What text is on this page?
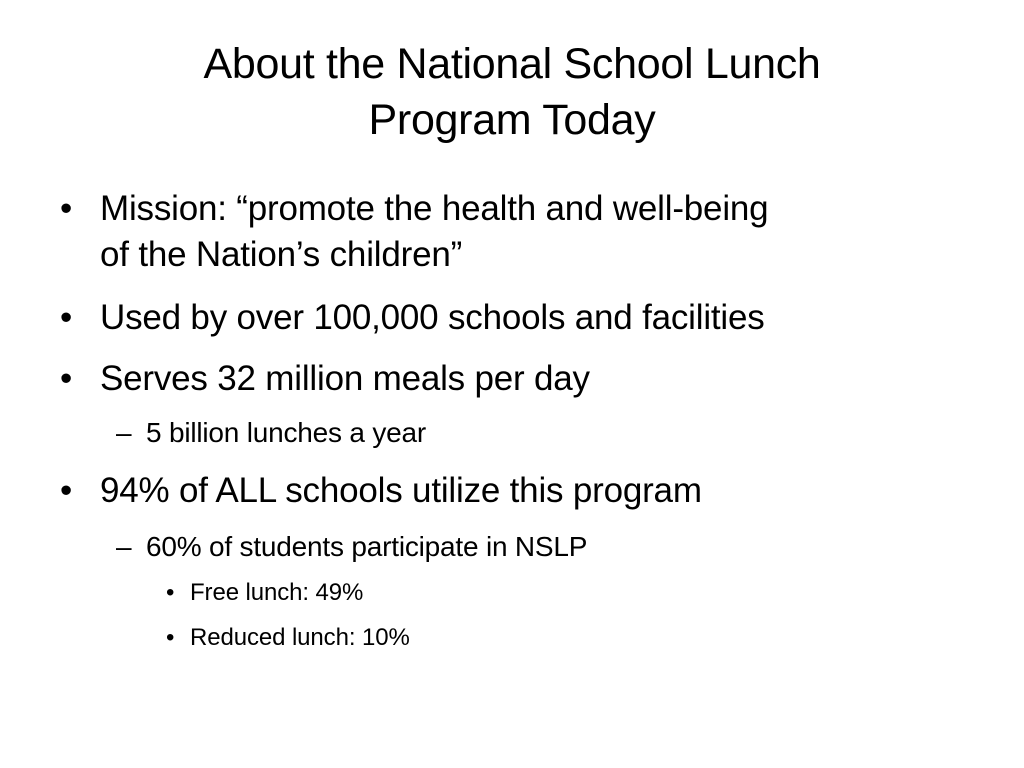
About the National School Lunch
Program Today
• Mission: “promote the health and well-being
of the Nation’s children”
• Used by over 100,000 schools and facilities
• Serves 32 million meals per day
– 5 billion lunches a year
• 94% of ALL schools utilize this program
– 60% of students participate in NSLP
• Free lunch: 49%
• Reduced lunch: 10%
